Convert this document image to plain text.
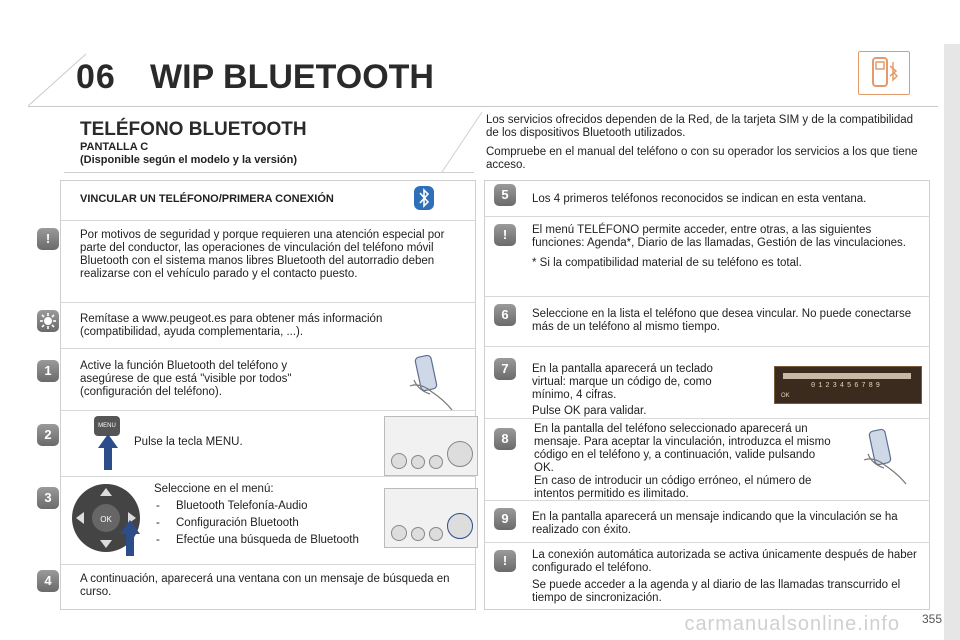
06 WIP BLUETOOTH
TELÉFONO BLUETOOTH
PANTALLA C
(Disponible según el modelo y la versión)

Los servicios ofrecidos dependen de la Red, de la tarjeta SIM y de la compatibilidad de los dispositivos Bluetooth utilizados.

Compruebe en el manual del teléfono o con su operador los servicios a los que tiene acceso.

VINCULAR UN TELÉFONO/PRIMERA CONEXIÓN
!	Por motivos de seguridad y porque requieren una atención especial por parte del conductor, las operaciones de vinculación del teléfono móvil Bluetooth con el sistema manos libres Bluetooth del autorradio deben realizarse con el vehículo parado y el contacto puesto.
Remítase a www.peugeot.es para obtener más información (compatibilidad, ayuda complementaria, ...).
1	Active la función Bluetooth del teléfono y asegúrese de que está "visible por todos" (configuración del teléfono).
2
MENU
Pulse la tecla MENU.
3
OK

Seleccione en el menú:

- Bluetooth Telefonía-Audio
- Configuración Bluetooth
- Efectúe una búsqueda de Bluetooth
4	A continuación, aparecerá una ventana con un mensaje de búsqueda en curso.
5	Los 4 primeros teléfonos reconocidos se indican en esta ventana.
!	El menú TELÉFONO permite acceder, entre otras, a las siguientes funciones: Agenda*, Diario de las llamadas, Gestión de las vinculaciones.

* Si la compatibilidad material de su teléfono es total.

6	Seleccione en la lista el teléfono que desea vincular. No puede conectarse más de un teléfono al mismo tiempo.
7	En la pantalla aparecerá un teclado virtual: marque un código de, como mínimo, 4 cifras.

Pulse OK para validar.

0123456789
OK
8

En la pantalla del teléfono seleccionado aparecerá un mensaje. Para aceptar la vinculación, introduzca el mismo código en el teléfono y, a continuación, valide pulsando OK.

En caso de introducir un código erróneo, el número de intentos permitido es ilimitado.

9	En la pantalla aparecerá un mensaje indicando que la vinculación se ha realizado con éxito.
!	La conexión automática autorizada se activa únicamente después de haber configurado el teléfono.

Se puede acceder a la agenda y al diario de las llamadas transcurrido el tiempo de sincronización.

carmanualsonline.info 355
